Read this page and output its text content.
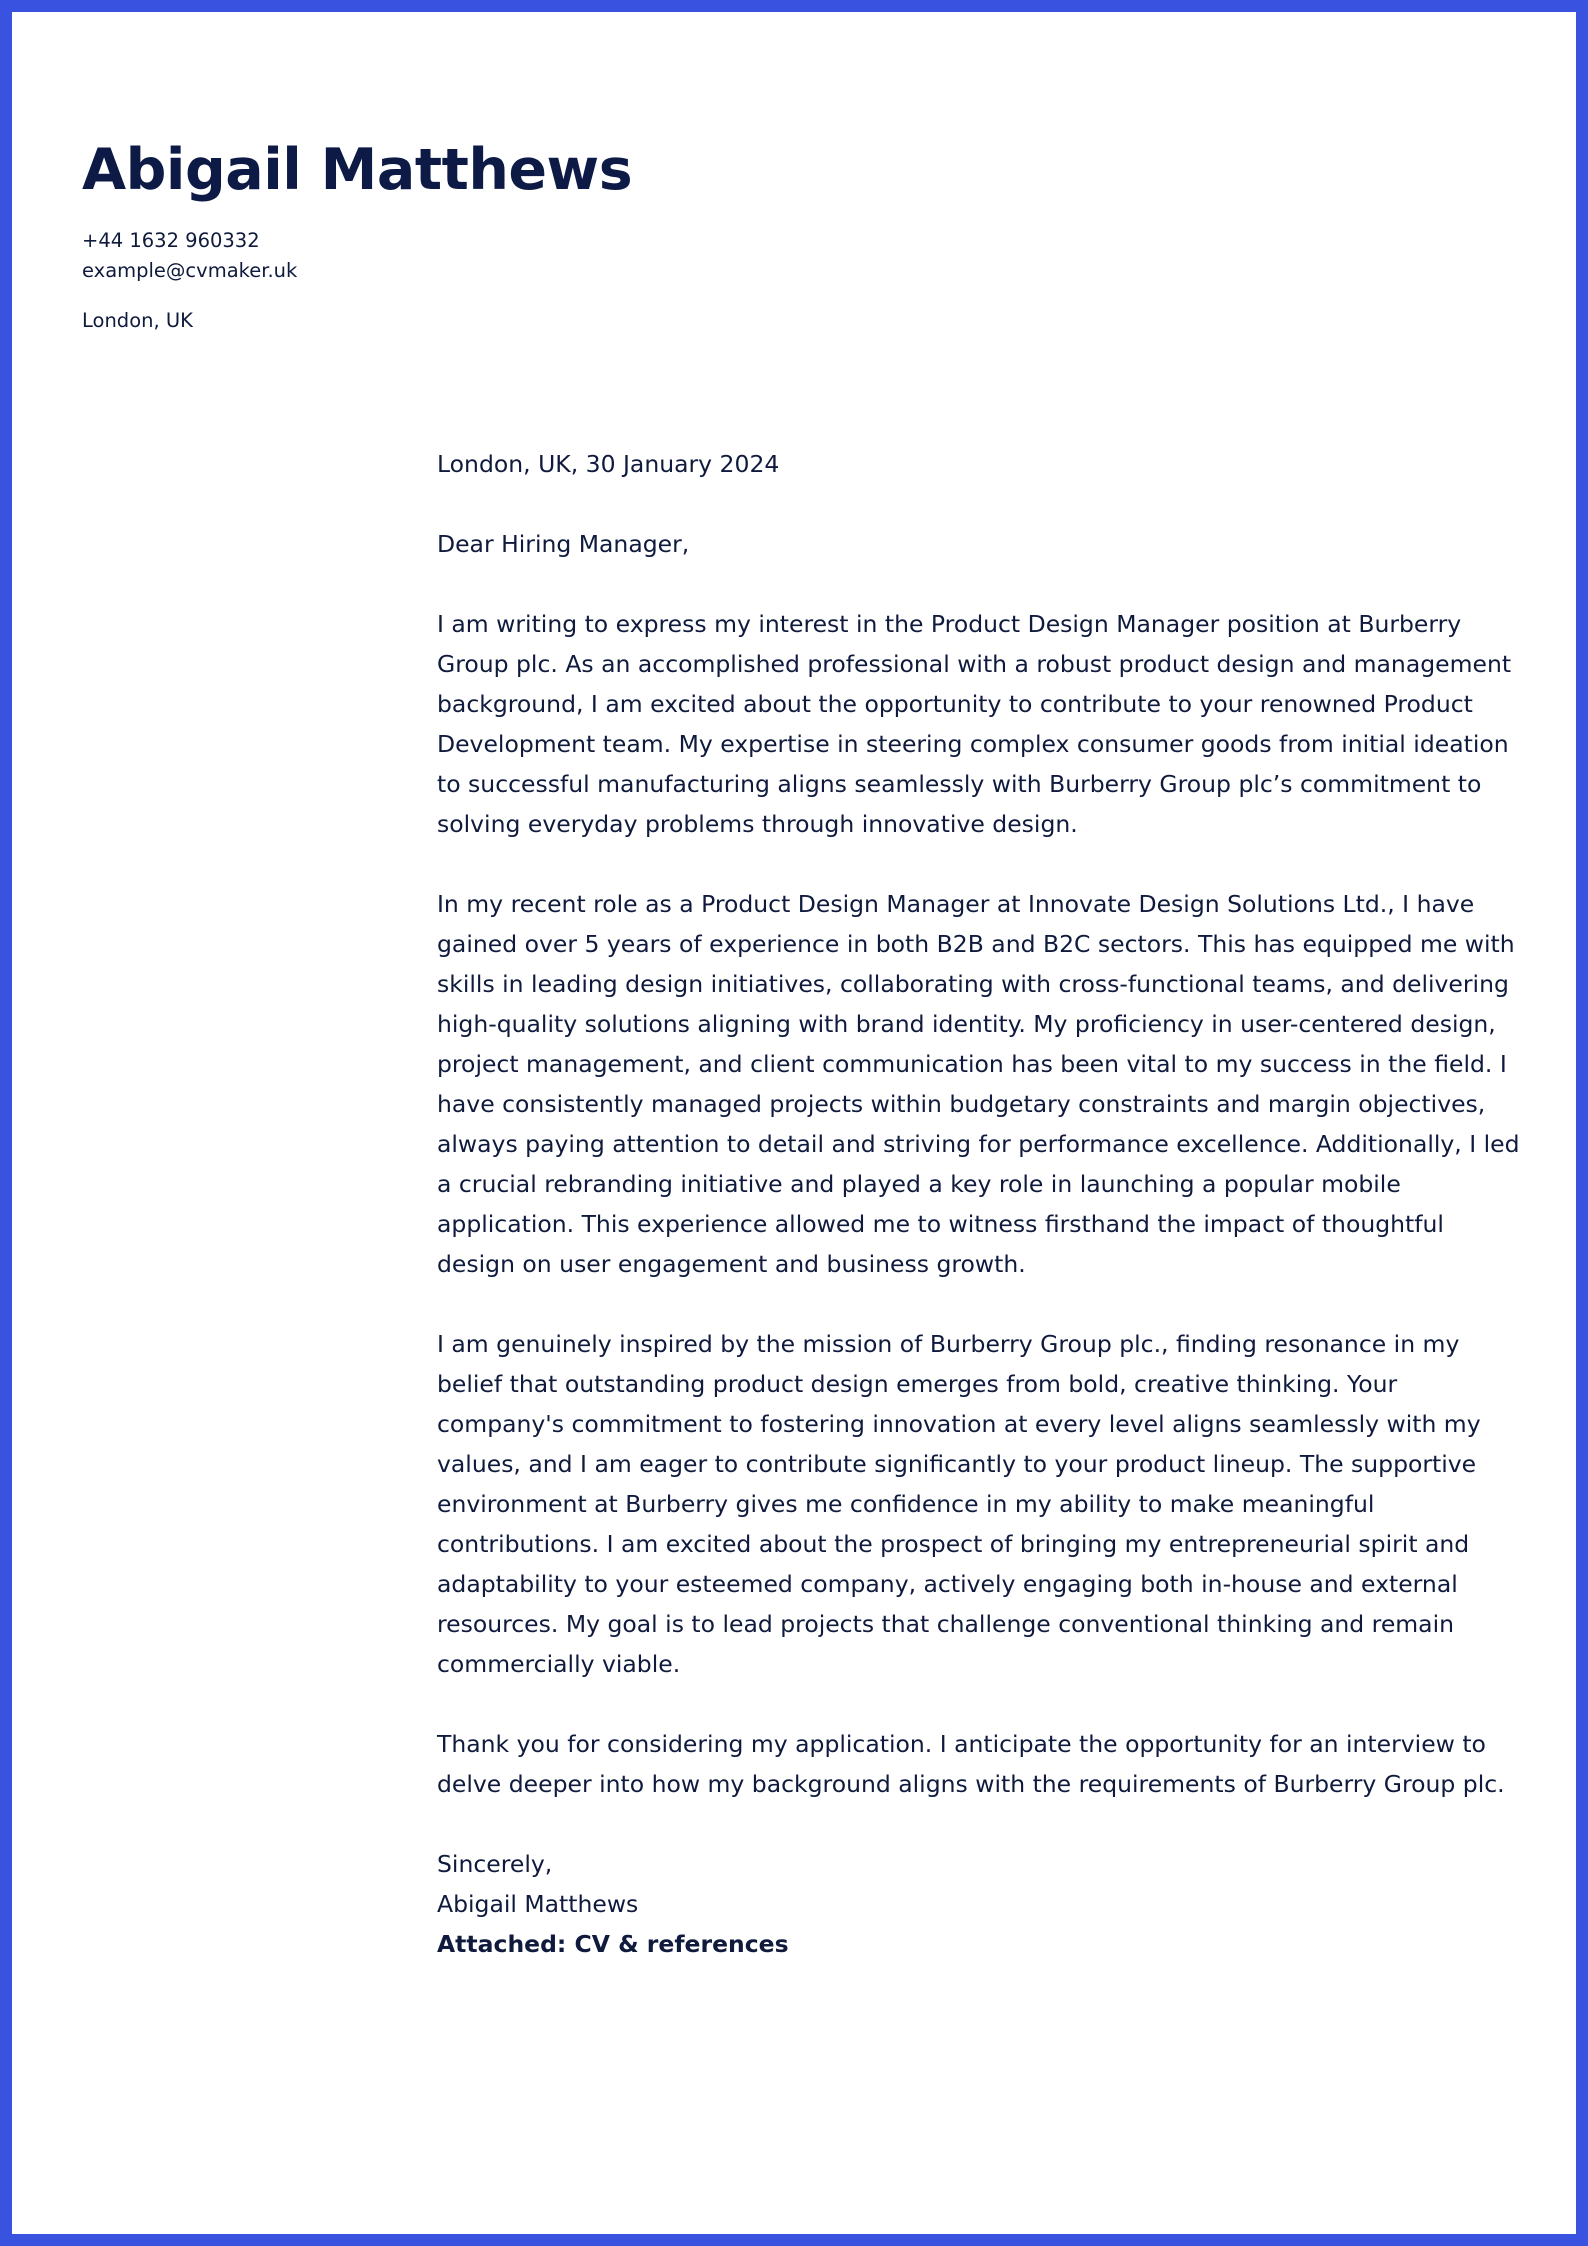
Abigail Matthews
+44 1632 960332
example@cvmaker.uk
London, UK

London, UK, 30 January 2024

Dear Hiring Manager,

I am writing to express my interest in the Product Design Manager position at Burberry Group plc. As an accomplished professional with a robust product design and management background, I am excited about the opportunity to contribute to your renowned Product Development team. My expertise in steering complex consumer goods from initial ideation to successful manufacturing aligns seamlessly with Burberry Group plc’s commitment to solving everyday problems through innovative design.

In my recent role as a Product Design Manager at Innovate Design Solutions Ltd., I have gained over 5 years of experience in both B2B and B2C sectors. This has equipped me with skills in leading design initiatives, collaborating with cross-functional teams, and delivering high-quality solutions aligning with brand identity. My proficiency in user-centered design, project management, and client communication has been vital to my success in the field. I have consistently managed projects within budgetary constraints and margin objectives, always paying attention to detail and striving for performance excellence. Additionally, I led a crucial rebranding initiative and played a key role in launching a popular mobile application. This experience allowed me to witness firsthand the impact of thoughtful design on user engagement and business growth.

I am genuinely inspired by the mission of Burberry Group plc., finding resonance in my belief that outstanding product design emerges from bold, creative thinking. Your company's commitment to fostering innovation at every level aligns seamlessly with my values, and I am eager to contribute significantly to your product lineup. The supportive environment at Burberry gives me confidence in my ability to make meaningful contributions. I am excited about the prospect of bringing my entrepreneurial spirit and adaptability to your esteemed company, actively engaging both in-house and external resources. My goal is to lead projects that challenge conventional thinking and remain commercially viable.

Thank you for considering my application. I anticipate the opportunity for an interview to delve deeper into how my background aligns with the requirements of Burberry Group plc.

Sincerely,
Abigail Matthews
Attached: CV & references
